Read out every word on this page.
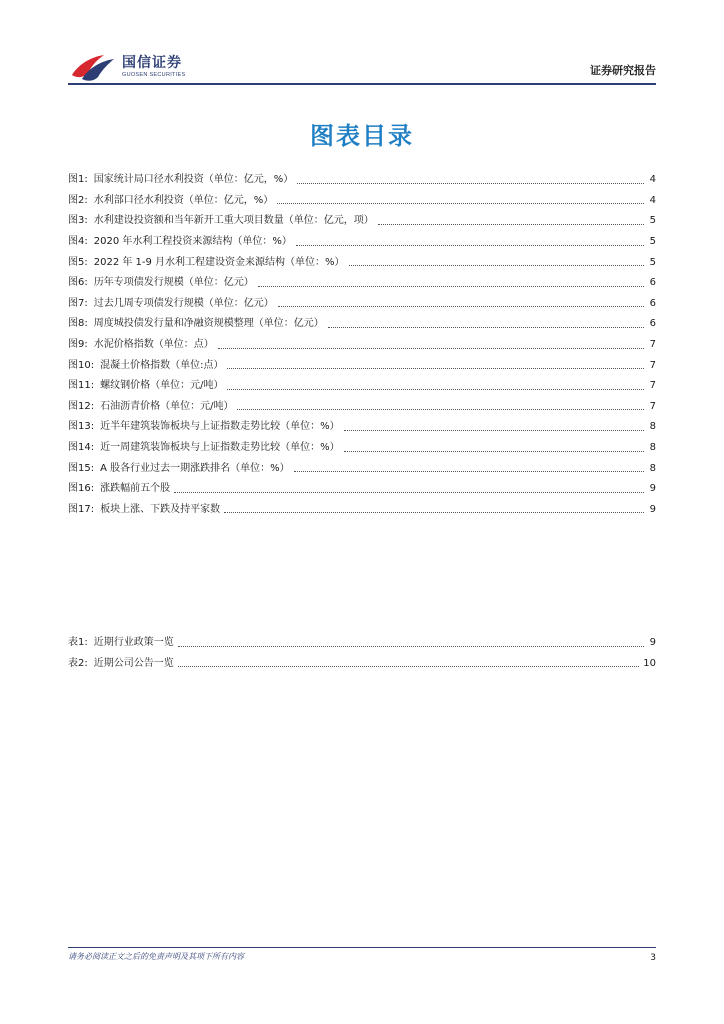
国信证券
GUOSEN SECURITIES	证券研究报告
图表目录
图1: 国家统计局口径水利投资（单位：亿元，%）	4
图2: 水利部口径水利投资（单位：亿元，%）	4
图3: 水利建设投资额和当年新开工重大项目数量（单位：亿元，项）	5
图4: 2020 年水利工程投资来源结构（单位：%）	5
图5: 2022 年 1-9 月水利工程建设资金来源结构（单位：%）	5
图6: 历年专项债发行规模（单位：亿元）	6
图7: 过去几周专项债发行规模（单位：亿元）	6
图8: 周度城投债发行量和净融资规模整理（单位：亿元）	6
图9: 水泥价格指数（单位：点）	7
图10: 混凝土价格指数（单位:点）	7
图11: 螺纹钢价格（单位：元/吨）	7
图12: 石油沥青价格（单位：元/吨）	7
图13: 近半年建筑装饰板块与上证指数走势比较（单位：%）	8
图14: 近一周建筑装饰板块与上证指数走势比较（单位：%）	8
图15: A 股各行业过去一期涨跌排名（单位：%）	8
图16: 涨跌幅前五个股	9
图17: 板块上涨、下跌及持平家数	9
表1: 近期行业政策一览	9
表2: 近期公司公告一览	10
请务必阅读正文之后的免责声明及其项下所有内容	3
